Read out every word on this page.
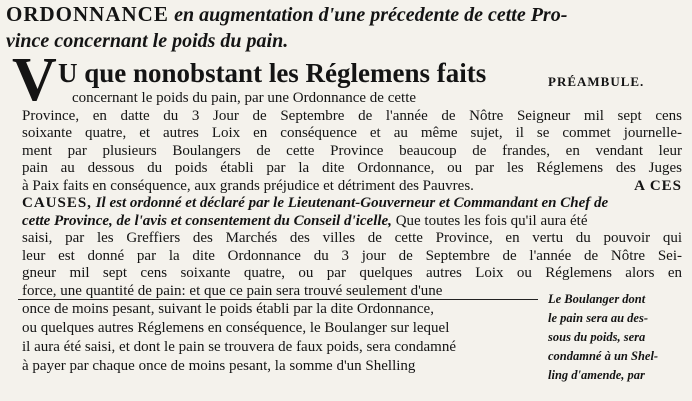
ORDONNANCE en augmentation d'une précedente de cette Pro-
vince concernant le poids du pain.
V U que nonobstant les Réglemens faits	PRÉAMBULE.
concernant le poids du pain, par une Ordonnance de cette
Province, en datte du 3 Jour de Septembre de l'année de Nôtre Seigneur mil sept cens
soixante quatre, et autres Loix en conséquence et au même sujet, il se commet journelle-
ment par plusieurs Boulangers de cette Province beaucoup de frandes, en vendant leur
pain au dessous du poids établi par la dite Ordonnance, ou par les Réglemens des Juges
à Paix faits en conséquence, aux grands préjudice et détriment des Pauvres.	A CES
CAUSES, Il est ordonné et déclaré par le Lieutenant-Gouverneur et Commandant en Chef de
cette Province, de l'avis et consentement du Conseil d'icelle, Que toutes les fois qu'il aura été
saisi, par les Greffiers des Marchés des villes de cette Province, en vertu du pouvoir qui
leur est donné par la dite Ordonnance du 3 jour de Septembre de l'année de Nôtre Sei-
gneur mil sept cens soixante quatre, ou par quelques autres Loix ou Réglemens alors en
force, une quantité de pain: et que ce pain sera trouvé seulement d'une
once de moins pesant, suivant le poids établi par la dite Ordonnance,
ou quelques autres Réglemens en conséquence, le Boulanger sur lequel
il aura été saisi, et dont le pain se trouvera de faux poids, sera condamné
à payer par chaque once de moins pesant, la somme d'un Shelling
Le Boulanger dont
le pain sera au des-
sous du poids, sera
condamné à un Shel-
ling d'amende, par
